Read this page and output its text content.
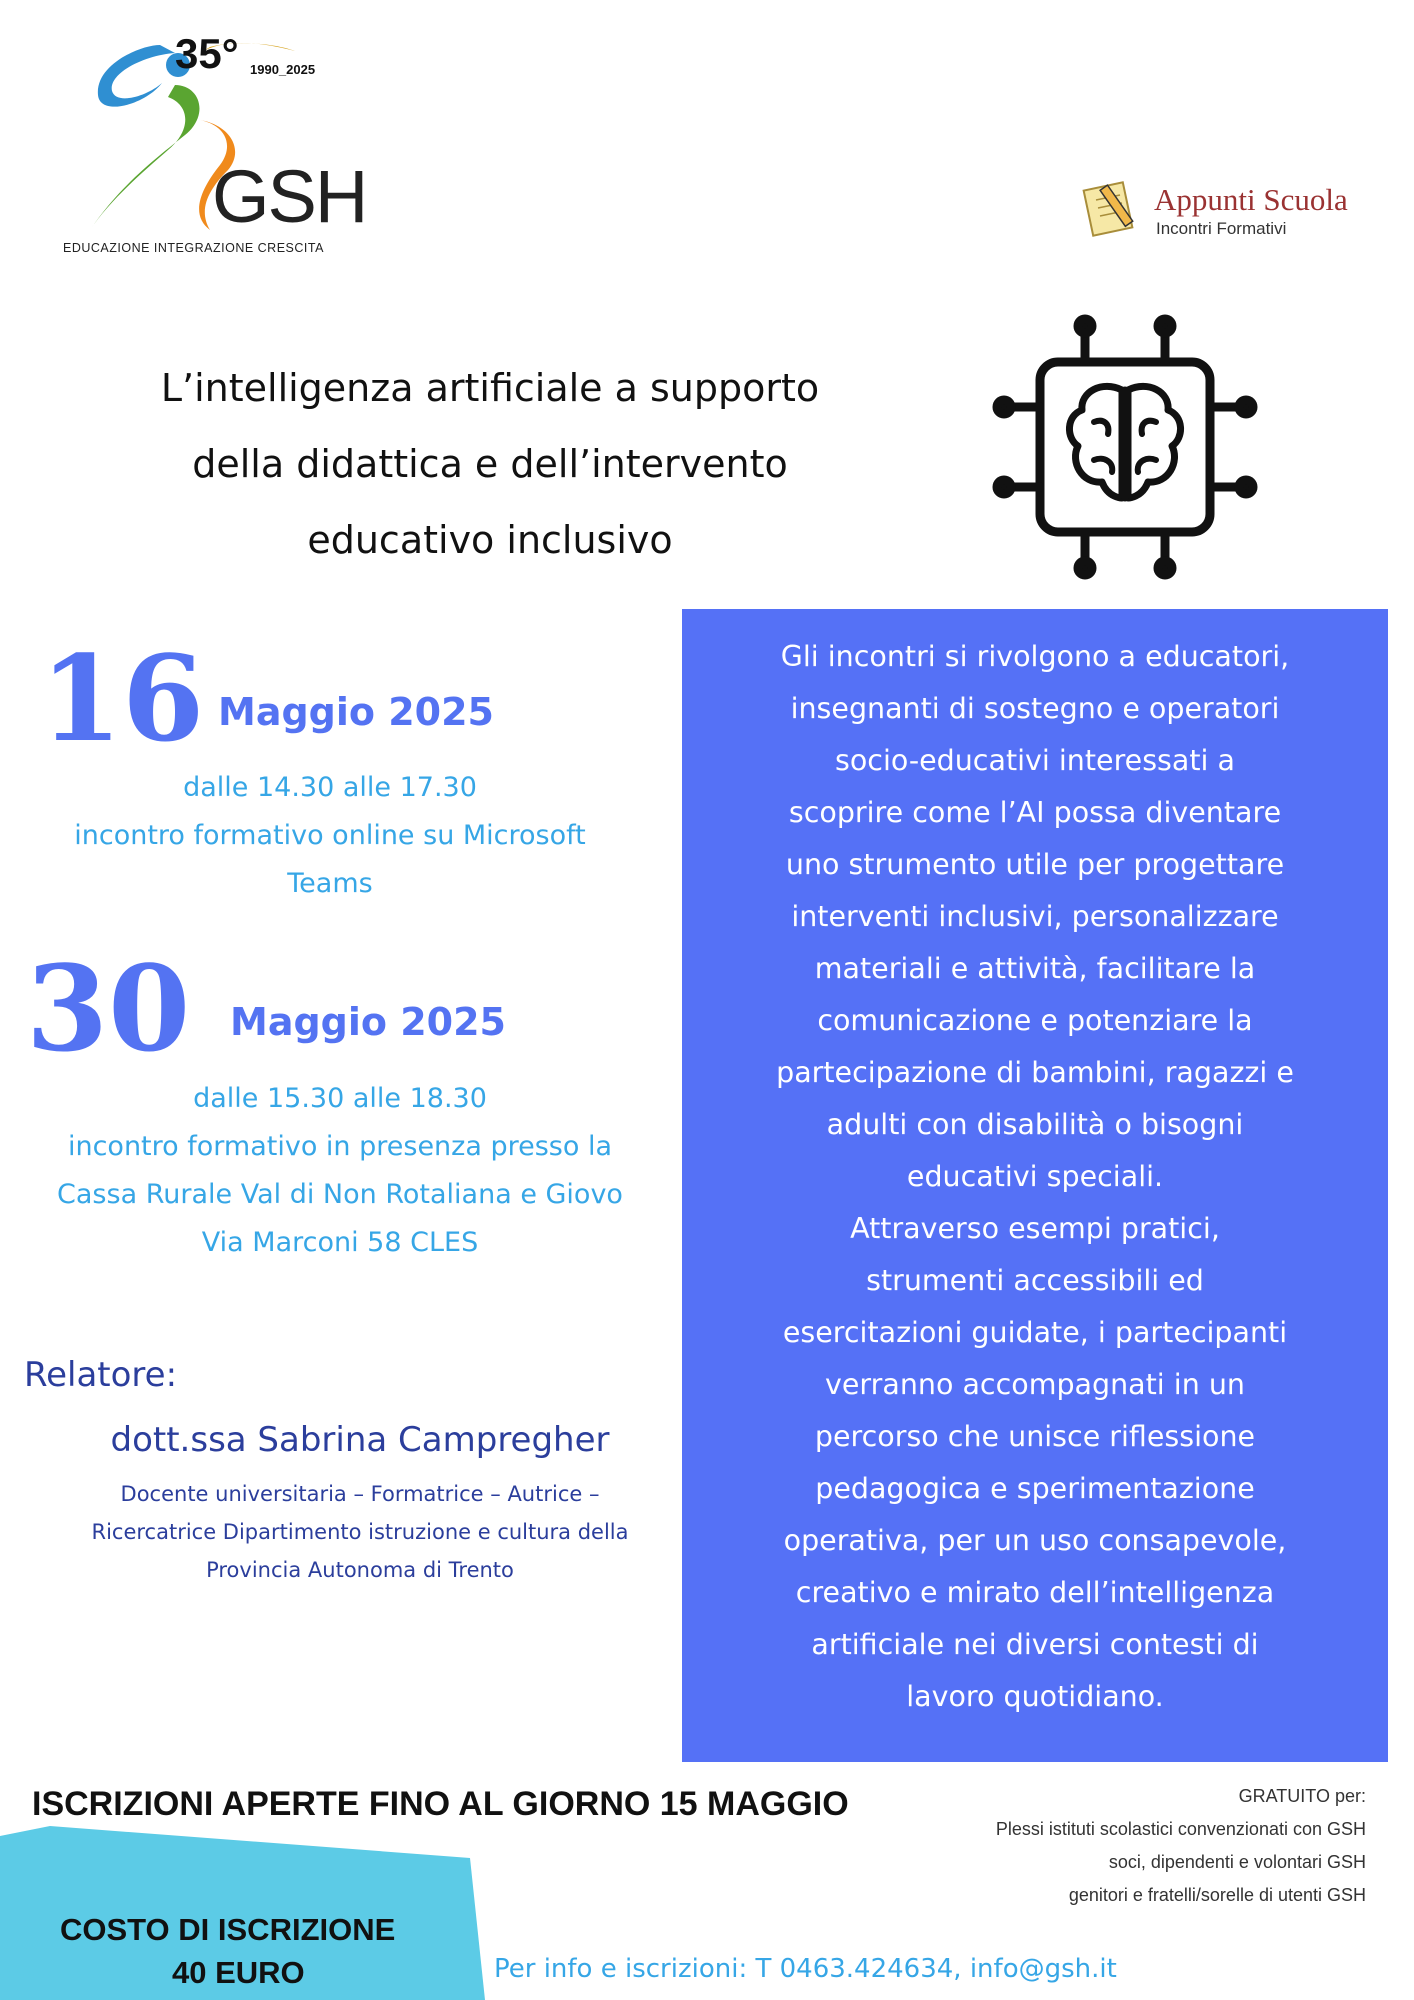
35° 1990_2025
GSH
EDUCAZIONE INTEGRAZIONE CRESCITA
Appunti Scuola
Incontri Formativi
L’intelligenza artificiale a supporto
della didattica e dell’intervento
educativo inclusivo
16 Maggio 2025
dalle 14.30 alle 17.30
incontro formativo online su Microsoft
Teams
30 Maggio 2025
dalle 15.30 alle 18.30
incontro formativo in presenza presso la
Cassa Rurale Val di Non Rotaliana e Giovo
Via Marconi 58 CLES
Relatore:
dott.ssa Sabrina Campregher
Docente universitaria – Formatrice – Autrice –
Ricercatrice Dipartimento istruzione e cultura della
Provincia Autonoma di Trento
Gli incontri si rivolgono a educatori,
insegnanti di sostegno e operatori
socio-educativi interessati a
scoprire come l’AI possa diventare
uno strumento utile per progettare
interventi inclusivi, personalizzare
materiali e attività, facilitare la
comunicazione e potenziare la
partecipazione di bambini, ragazzi e
adulti con disabilità o bisogni
educativi speciali.
Attraverso esempi pratici,
strumenti accessibili ed
esercitazioni guidate, i partecipanti
verranno accompagnati in un
percorso che unisce riflessione
pedagogica e sperimentazione
operativa, per un uso consapevole,
creativo e mirato dell’intelligenza
artificiale nei diversi contesti di
lavoro quotidiano.
ISCRIZIONI APERTE FINO AL GIORNO 15 MAGGIO
COSTO DI ISCRIZIONE
40 EURO
GRATUITO per:
Plessi istituti scolastici convenzionati con GSH
soci, dipendenti e volontari GSH
genitori e fratelli/sorelle di utenti GSH
Per info e iscrizioni: T 0463.424634, info@gsh.it
